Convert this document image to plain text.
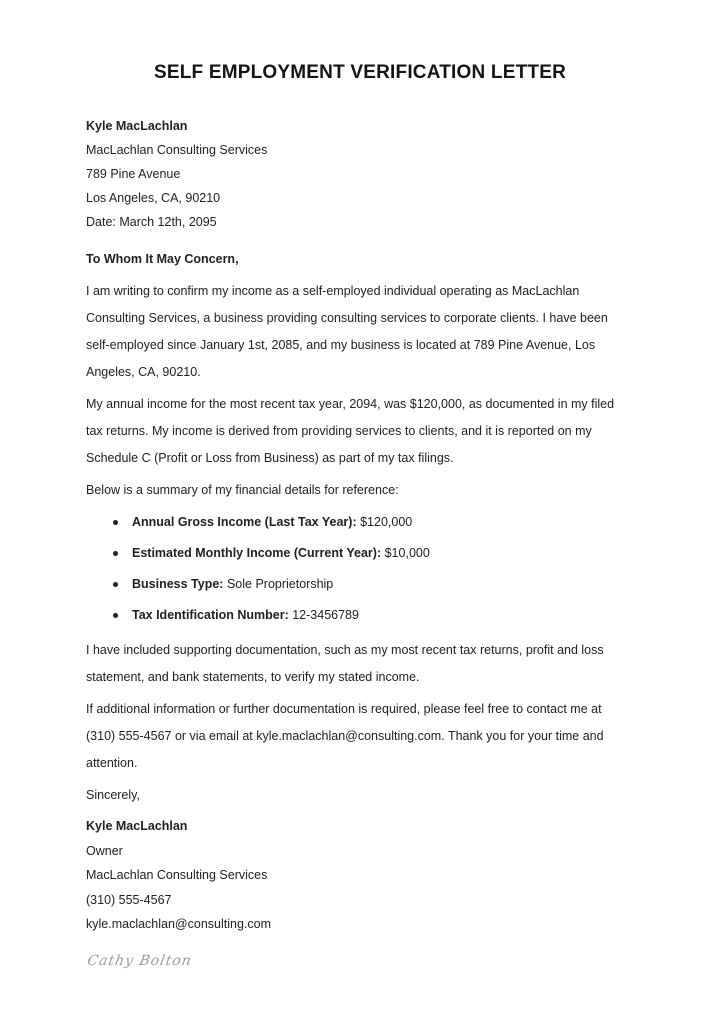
SELF EMPLOYMENT VERIFICATION LETTER

Kyle MacLachlan

MacLachlan Consulting Services

789 Pine Avenue

Los Angeles, CA, 90210

Date: March 12th, 2095

To Whom It May Concern,

I am writing to confirm my income as a self-employed individual operating as MacLachlan Consulting Services, a business providing consulting services to corporate clients. I have been self-employed since January 1st, 2085, and my business is located at 789 Pine Avenue, Los Angeles, CA, 90210.

My annual income for the most recent tax year, 2094, was $120,000, as documented in my filed tax returns. My income is derived from providing services to clients, and it is reported on my Schedule C (Profit or Loss from Business) as part of my tax filings.

Below is a summary of my financial details for reference:

Annual Gross Income (Last Tax Year): $120,000
Estimated Monthly Income (Current Year): $10,000
Business Type: Sole Proprietorship
Tax Identification Number: 12-3456789

I have included supporting documentation, such as my most recent tax returns, profit and loss statement, and bank statements, to verify my stated income.

If additional information or further documentation is required, please feel free to contact me at (310) 555-4567 or via email at kyle.maclachlan@consulting.com. Thank you for your time and attention.

Sincerely,

Kyle MacLachlan

Owner

MacLachlan Consulting Services

(310) 555-4567

kyle.maclachlan@consulting.com

Cathy Bolton
